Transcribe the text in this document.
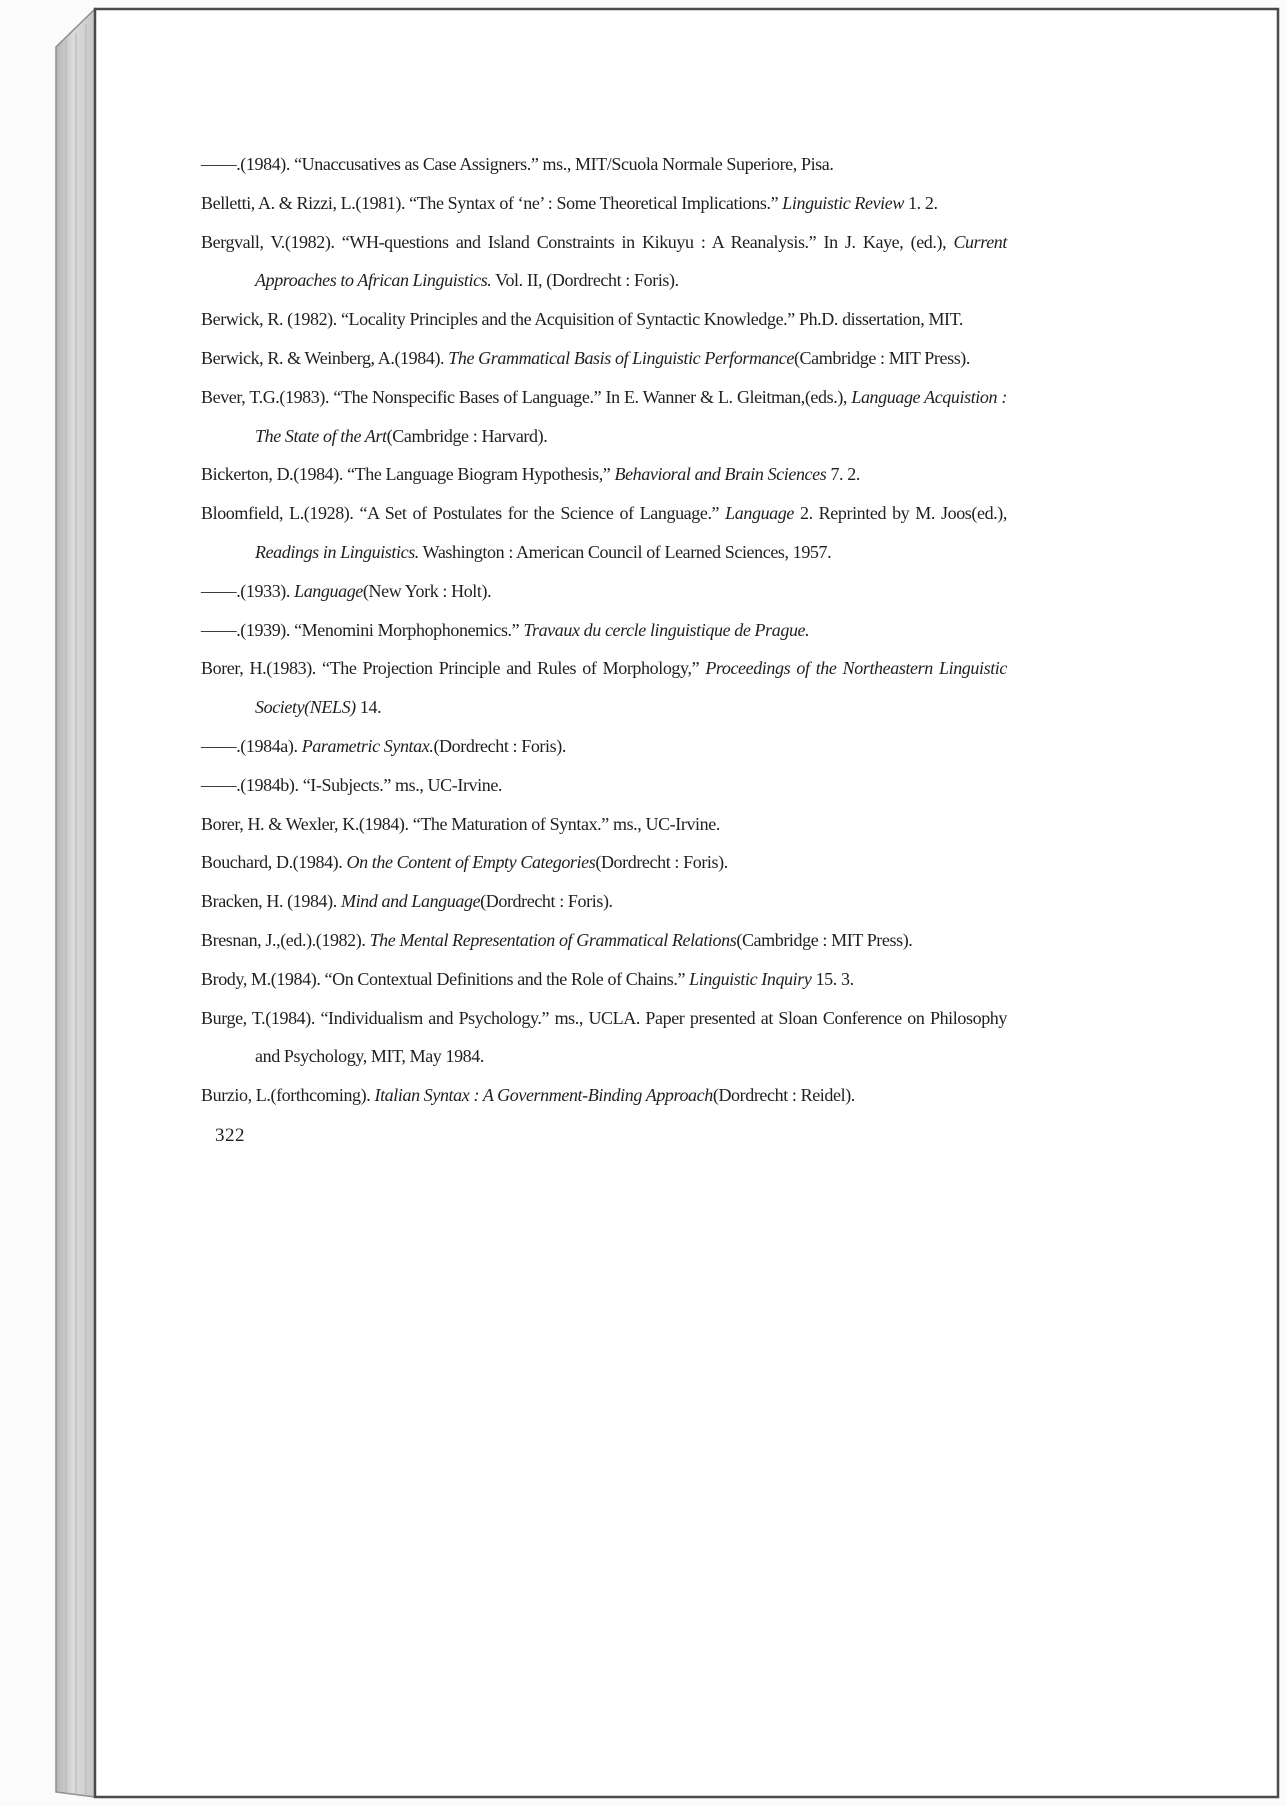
——.(1984). “Unaccusatives as Case Assigners.” ms., MIT/Scuola Normale Superiore, Pisa.

Belletti, A. & Rizzi, L.(1981). “The Syntax of ‘ne’ : Some Theoretical Implications.” Linguistic Review 1. 2.

Bergvall, V.(1982). “WH-questions and Island Constraints in Kikuyu : A Reanalysis.” In J. Kaye, (ed.), Current Approaches to African Linguistics. Vol. II, (Dordrecht : Foris).

Berwick, R. (1982). “Locality Principles and the Acquisition of Syntactic Knowledge.” Ph.D. dissertation, MIT.

Berwick, R. & Weinberg, A.(1984). The Grammatical Basis of Linguistic Performance(Cambridge : MIT Press).

Bever, T.G.(1983). “The Nonspecific Bases of Language.” In E. Wanner & L. Gleitman,(eds.), Language Acquistion : The State of the Art(Cambridge : Harvard).

Bickerton, D.(1984). “The Language Biogram Hypothesis,” Behavioral and Brain Sciences 7. 2.

Bloomfield, L.(1928). “A Set of Postulates for the Science of Language.” Language 2. Reprinted by M. Joos(ed.), Readings in Linguistics. Washington : American Council of Learned Sciences, 1957.

——.(1933). Language(New York : Holt).

——.(1939). “Menomini Morphophonemics.” Travaux du cercle linguistique de Prague.

Borer, H.(1983). “The Projection Principle and Rules of Morphology,” Proceedings of the Northeastern Linguistic Society(NELS) 14.

——.(1984a). Parametric Syntax.(Dordrecht : Foris).

——.(1984b). “I-Subjects.” ms., UC-Irvine.

Borer, H. & Wexler, K.(1984). “The Maturation of Syntax.” ms., UC-Irvine.

Bouchard, D.(1984). On the Content of Empty Categories(Dordrecht : Foris).

Bracken, H. (1984). Mind and Language(Dordrecht : Foris).

Bresnan, J.,(ed.).(1982). The Mental Representation of Grammatical Relations(Cambridge : MIT Press).

Brody, M.(1984). “On Contextual Definitions and the Role of Chains.” Linguistic Inquiry 15. 3.

Burge, T.(1984). “Individualism and Psychology.” ms., UCLA. Paper presented at Sloan Conference on Philosophy and Psychology, MIT, May 1984.

Burzio, L.(forthcoming). Italian Syntax : A Government-Binding Approach(Dordrecht : Reidel).

322
